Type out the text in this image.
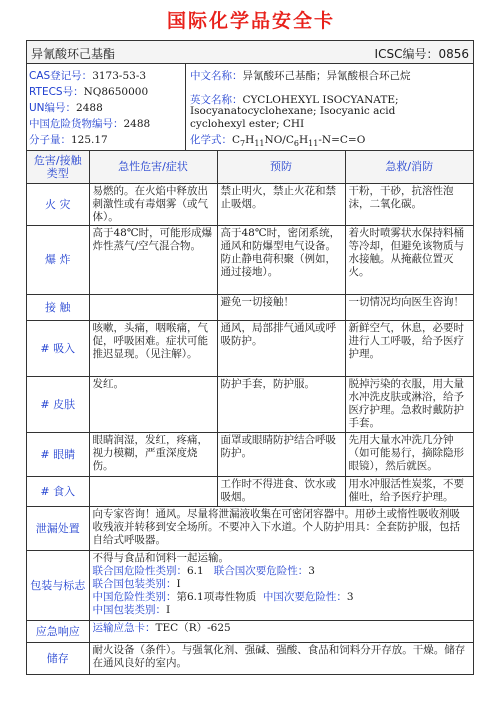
国际化学品安全卡
异氰酸环己基酯	ICSC编号：0856
CAS登记号：3173-53-3
RTECS号：NQ8650000
UN编号：2488
中国危险货物编号：2488
分子量：125.17
中文名称：异氰酸环己基酯；异氰酸根合环己烷
英文名称：CYCLOHEXYL ISOCYANATE;
Isocyanatocyclohexane; Isocyanic acid
cyclohexyl ester; CHI
化学式：$C_7H_{11}NO/C_6H_{11}-N=C=O$
危害/接触类型	急性危害/症状	预防	急救/消防
火 灾	易燃的。在火焰中释放出刺激性或有毒烟雾（或气体）。	禁止明火，禁止火花和禁止吸烟。	干粉，干砂，抗溶性泡沫，二氧化碳。
爆 炸	高于48℃时，可能形成爆炸性蒸气/空气混合物。	高于48℃时，密闭系统，通风和防爆型电气设备。防止静电荷积聚（例如，通过接地）。	着火时喷雾状水保持料桶等冷却，但避免该物质与水接触。从掩蔽位置灭火。
接 触		避免一切接触！	一切情况均向医生咨询！
# 吸入	咳嗽，头痛，咽喉痛，气促，呼吸困难。症状可能推迟显现。（见注解）。	通风，局部排气通风或呼吸防护。	新鲜空气，休息，必要时进行人工呼吸，给予医疗护理。
# 皮肤	发红。	防护手套，防护服。	脱掉污染的衣服，用大量水冲洗皮肤或淋浴，给予医疗护理。急救时戴防护手套。
# 眼睛	眼睛润湿，发红，疼痛，视力模糊，严重深度烧伤。	面罩或眼睛防护结合呼吸防护。	先用大量水冲洗几分钟（如可能易行，摘除隐形眼镜），然后就医。
# 食入		工作时不得进食、饮水或吸烟。	用水冲服活性炭浆，不要催吐，给予医疗护理。
泄漏处置	向专家咨询！通风。尽量将泄漏液收集在可密闭容器中。用砂土或惰性吸收剂吸收残液并转移到安全场所。不要冲入下水道。个人防护用具：全套防护服，包括自给式呼吸器。		
包装与标志	不得与食品和饲料一起运输。
联合国危险性类别：6.1 联合国次要危险性：3
联合国包装类别：I
中国危险性类别：第6.1项毒性物质 中国次要危险性：3
中国包装类别：I		

应急响应	运输应急卡：TEC（R）-625		
储存	耐火设备（条件）。与强氧化剂、强碱、强酸、食品和饲料分开存放。干燥。储存在通风良好的室内。		
